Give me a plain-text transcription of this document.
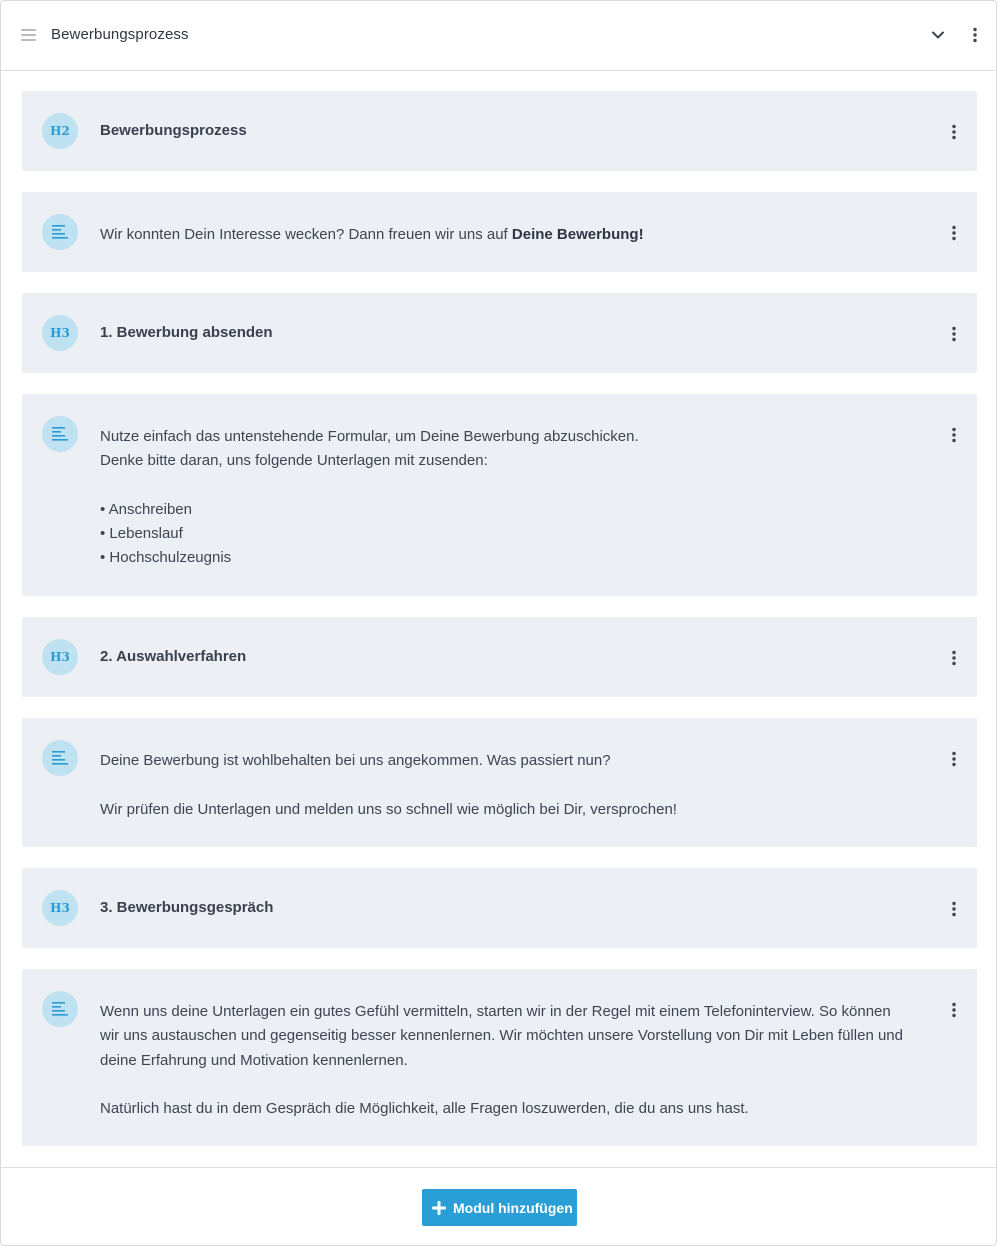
Bewerbungsprozess
H2	Bewerbungsprozess

Wir konnten Dein Interesse wecken? Dann freuen wir uns auf Deine Bewerbung!

H3	1. Bewerbung absenden

Nutze einfach das untenstehende Formular, um Deine Bewerbung abzuschicken.

Denke bitte daran, uns folgende Unterlagen mit zusenden:

• Anschreiben

• Lebenslauf

• Hochschulzeugnis

H3	2. Auswahlverfahren

Deine Bewerbung ist wohlbehalten bei uns angekommen. Was passiert nun?

Wir prüfen die Unterlagen und melden uns so schnell wie möglich bei Dir, versprochen!

H3	3. Bewerbungsgespräch

Wenn uns deine Unterlagen ein gutes Gefühl vermitteln, starten wir in der Regel mit einem Telefoninterview. So können wir uns austauschen und gegenseitig besser kennenlernen. Wir möchten unsere Vorstellung von Dir mit Leben füllen und deine Erfahrung und Motivation kennenlernen.

Natürlich hast du in dem Gespräch die Möglichkeit, alle Fragen loszuwerden, die du ans uns hast.

Modul hinzufügen
